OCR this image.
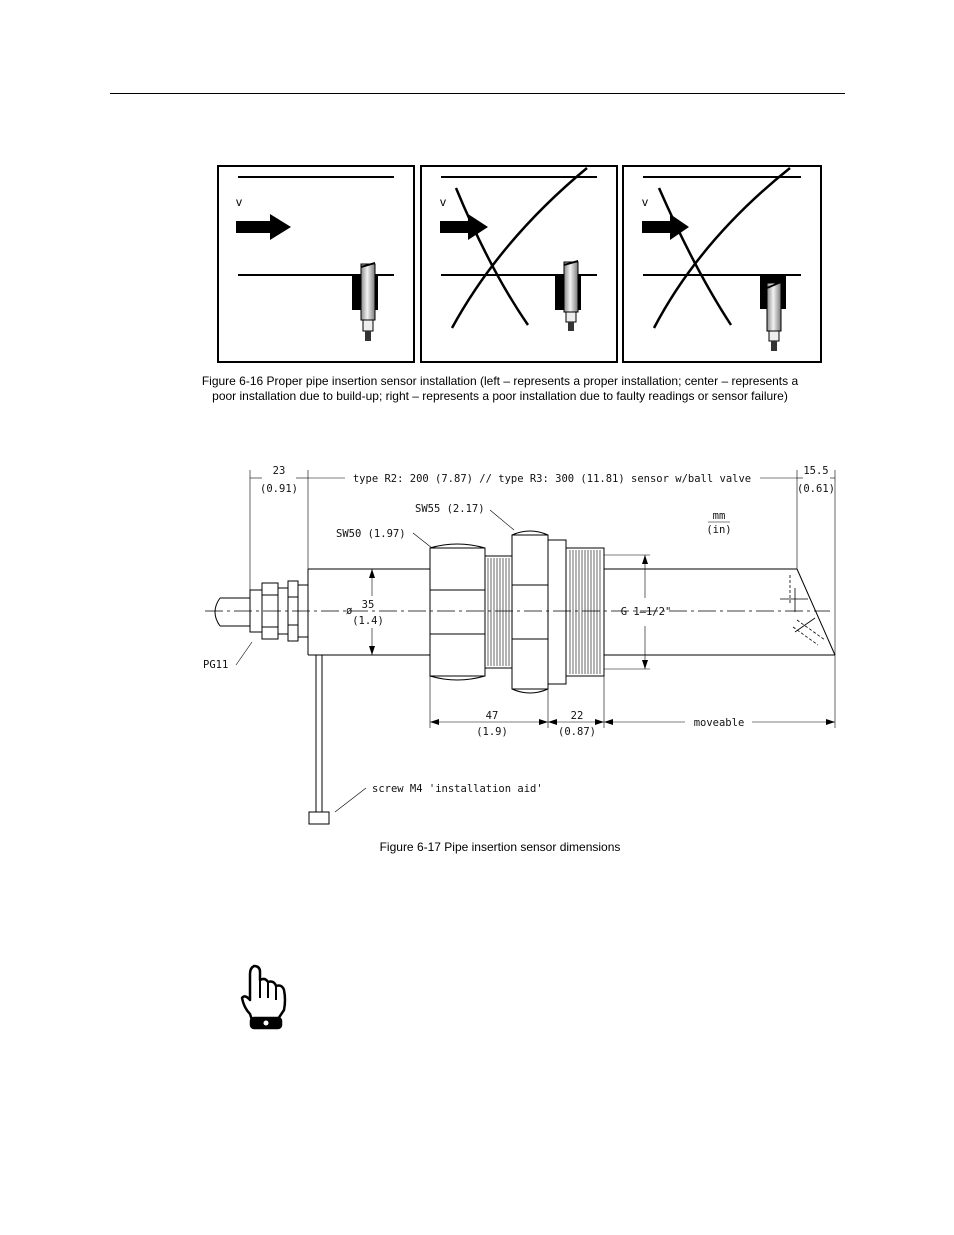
v	v	v
23
(0.91)
type R2: 200 (7.87) // type R3: 300 (11.81) sensor w/ball valve
15.5
(0.61)
SW55 (2.17)
SW50 (1.97)
mm
(in)
ø 35
(1.4)
G 1–1/2"
PG11
47
(1.9)
22
(0.87)
moveable
screw M4 'installation aid'
Figure 6-16 Proper pipe insertion sensor installation (left – represents a proper installation; center – represents a
poor installation due to build-up; right – represents a poor installation due to faulty readings or sensor failure)
Figure 6-17 Pipe insertion sensor dimensions
